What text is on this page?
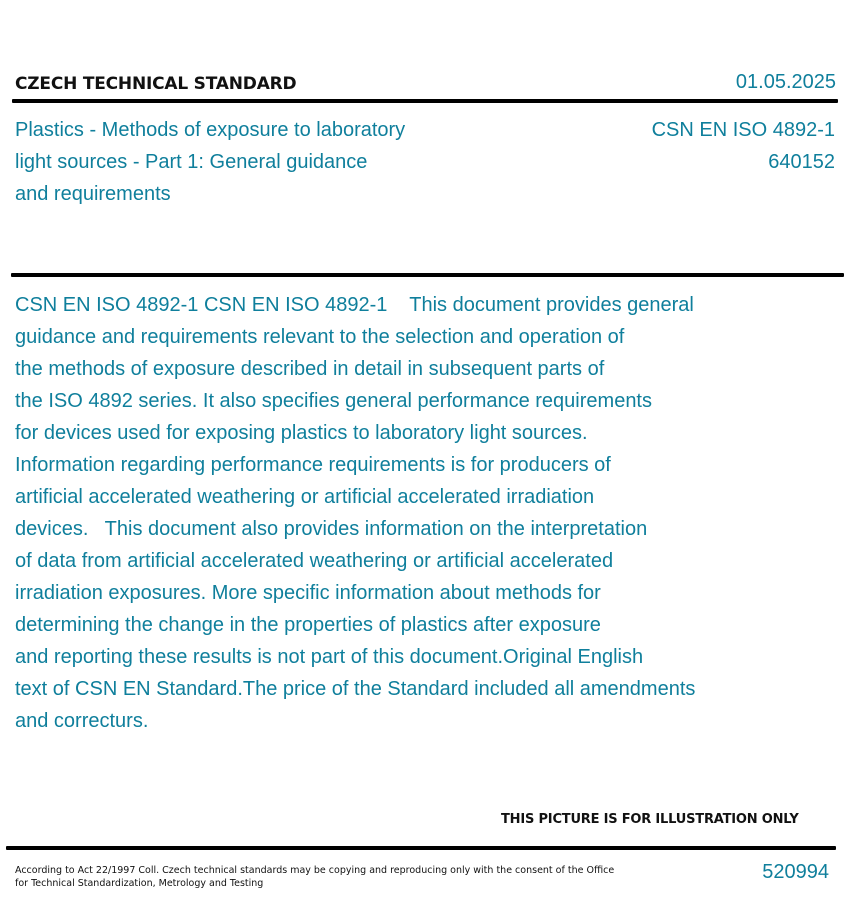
CZECH TECHNICAL STANDARD	01.05.2025
Plastics - Methods of exposure to laboratory
light sources - Part 1: General guidance
and requirements
CSN EN ISO 4892-1
640152
CSN EN ISO 4892-1 CSN EN ISO 4892-1    This document provides general
guidance and requirements relevant to the selection and operation of
the methods of exposure described in detail in subsequent parts of
the ISO 4892 series. It also specifies general performance requirements
for devices used for exposing plastics to laboratory light sources.
Information regarding performance requirements is for producers of
artificial accelerated weathering or artificial accelerated irradiation
devices.   This document also provides information on the interpretation
of data from artificial accelerated weathering or artificial accelerated
irradiation exposures. More specific information about methods for
determining the change in the properties of plastics after exposure
and reporting these results is not part of this document.Original English
text of CSN EN Standard.The price of the Standard included all amendments
and correcturs.
THIS PICTURE IS FOR ILLUSTRATION ONLY
According to Act 22/1997 Coll. Czech technical standards may be copying and reproducing only with the consent of the Office
for Technical Standardization, Metrology and Testing
520994
